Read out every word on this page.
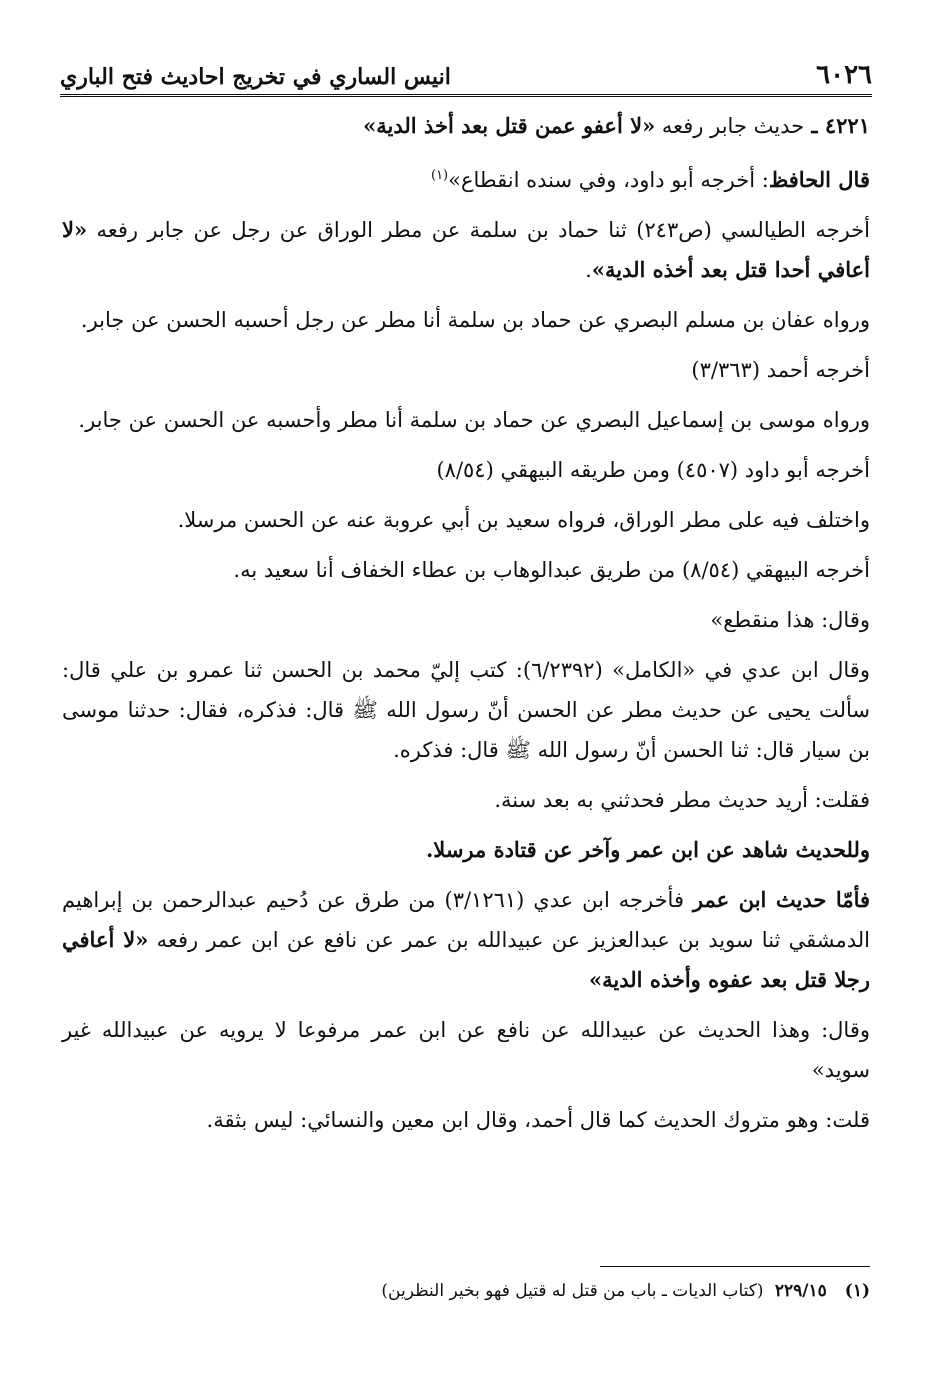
٦٠٢٦
انيس الساري في تخريج احاديث فتح الباري

٤٢٢١ ـ حديث جابر رفعه «لا أعفو عمن قتل بعد أخذ الدية»

قال الحافظ: أخرجه أبو داود، وفي سنده انقطاع»$^{(١)}$

أخرجه الطيالسي (ص٢٤٣) ثنا حماد بن سلمة عن مطر الوراق عن رجل عن جابر رفعه «لا أعافي أحدا قتل بعد أخذه الدية».

ورواه عفان بن مسلم البصري عن حماد بن سلمة أنا مطر عن رجل أحسبه الحسن عن جابر.

أخرجه أحمد (٣/٣٦٣)

ورواه موسى بن إسماعيل البصري عن حماد بن سلمة أنا مطر وأحسبه عن الحسن عن جابر.

أخرجه أبو داود (٤٥٠٧) ومن طريقه البيهقي (٨/٥٤)

واختلف فيه على مطر الوراق، فرواه سعيد بن أبي عروبة عنه عن الحسن مرسلا.

أخرجه البيهقي (٨/٥٤) من طريق عبدالوهاب بن عطاء الخفاف أنا سعيد به.

وقال: هذا منقطع»

وقال ابن عدي في «الكامل» (٦/٢٣٩٢): كتب إليّ محمد بن الحسن ثنا عمرو بن علي قال: سألت يحيى عن حديث مطر عن الحسن أنّ رسول الله ﷺ قال: فذكره، فقال: حدثنا موسى بن سيار قال: ثنا الحسن أنّ رسول الله ﷺ قال: فذكره.

فقلت: أريد حديث مطر فحدثني به بعد سنة.

وللحديث شاهد عن ابن عمر وآخر عن قتادة مرسلا.

فأمّا حديث ابن عمر فأخرجه ابن عدي (٣/١٢٦١) من طرق عن دُحيم عبدالرحمن بن إبراهيم الدمشقي ثنا سويد بن عبدالعزيز عن عبيدالله بن عمر عن نافع عن ابن عمر رفعه «لا أعافي رجلا قتل بعد عفوه وأخذه الدية»

وقال: وهذا الحديث عن عبيدالله عن نافع عن ابن عمر مرفوعا لا يرويه عن عبيدالله غير سويد»

قلت: وهو متروك الحديث كما قال أحمد، وقال ابن معين والنسائي: ليس بثقة.

(١)٢٢٩/١٥ (كتاب الديات ـ باب من قتل له قتيل فهو بخير النظرين)
